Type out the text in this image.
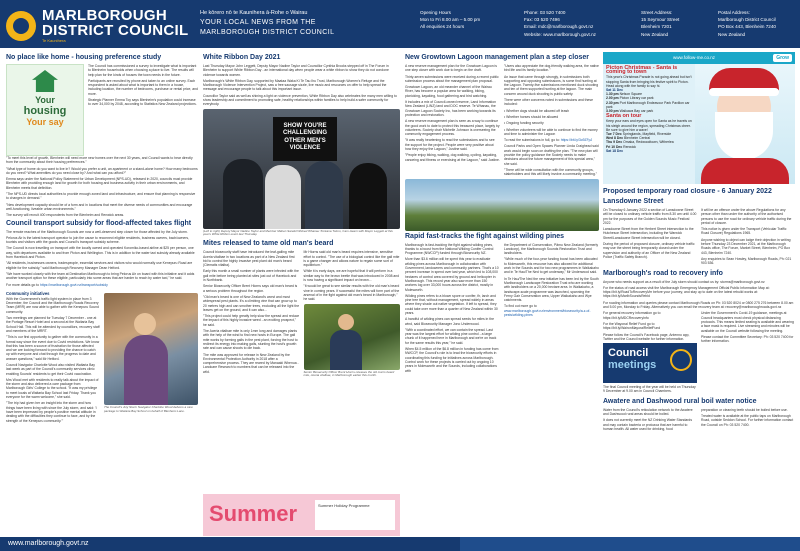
MARLBOROUGH
DISTRICT COUNCIL
Te Kaunihera
He kōrero nō te Kaunihera ā-Rohe o Wairau
YOUR LOCAL NEWS FROM THE
MARLBOROUGH DISTRICT COUNCIL
Opening Hours
Mon to Fri 8.00 am – 5.00 pm
All enquiries 24 hours
Phone: 03 520 7400
Fax: 03 520 7496
Email: mdc@marlborough.govt.nz
Website: www.marlborough.govt.nz
Street Address:
15 Seymour Street
Blenheim 7201
New Zealand
Postal Address:
Marlborough District Council
PO Box 443, Blenheim 7240
New Zealand
No place like home - housing preference study
Your
housing
Your say

The Council has commissioned a survey to investigate what is important to Blenheim households when choosing a place to live. The results will help plan for the kinds of houses the town needs in the future.

Participants are recruited by phone and taken to an online survey. Each respondent is asked about what is important to them in a house, including location, the number of bedrooms, purchase or rental price, and more.

Strategic Planner Emma Toy says Blenheim's population could increase to over 34,000 by 2048, according to Statistics New Zealand projections.

"To meet this level of growth, Blenheim will need more new homes over the next 30 years, and Council wants to hear directly from the community about their housing preferences."

"What type of home do you want to live in? Would you prefer a unit, an apartment or a stand-alone home? How many bedrooms do you need? What amenities do you need close by? And what can you afford?"

Emma says under the National Policy Statement for Urban Development (NPS-UD), released in 2020, councils must provide Blenheim with providing enough land for growth for both housing and business activity in their urban environments, and Blenheim meets that definition.

"The NPS-UD directs local authorities to provide enough zoned land and infrastructure, and ensure that planning is responsive to changes in demand."

"New development capacity should be of a form and in locations that meet the diverse needs of communities and encourage well-functioning, liveable urban environments."

The survey will recruit 400 respondents from the Blenheim and Renwick areas.

Council transport subsidy for flood-affected takes flight

The remote reaches of the Marlborough Sounds are now a well-deserved step closer for those affected by the July storm.

Pelorus Air is the latest transport operator to join the cause to reconnect eligible residents, business owners, bach/owners, tourists and visitors with the goods and Council's transport subsidy scheme.

The Council is now travelling on transport with the locally owned and operated Koromiko-based airline at $25 per person, one way, with departures available to and from Picton and Wellington. This is in addition to the water taxi subsidy already available from Havelock and Picton.

"All residents, businesses owners, tradespeople, essential services and visitors who would normally use Kenepuru Road are eligible for the subsidy," said Marlborough Recovery Manager Dean Heiford.

"We have worked closely with the team at Destination Marlborough to bring Pelorus Air on board with this initiative and it adds another transport option for these eligible, particularly into some areas that are harder to reach by water taxi," he said.

For more details go to https://marlborough.govt.nz/transport/subsidy

Community initiatives

With the Government's traffic light system in place from 3 December, the Council and the Marlborough Roads Recovery Team (MRR) are now able to gather with the Kenepuru Sound community.

Two meetings are planned for Tuesday 7 December - one at the Portage Resort Hotel and a second at the Waitaria Bay School Hall. This will be attended by councillors, recovery staff and members of the MRRT.

"This is our first opportunity to gather with the community in a formal way since the event due to Covid restrictions. We know that this has been a source of frustration for those affected and we are looking forward to providing the chance to catch up with everyone and chat through the progress to date and answer questions," said Mr Heiford.

Council Navigator Charlotte Wood also visited Waitaria Bay last week as part of the Council's community services clinic enabling Sounds' residents to get their Covid vaccination.

Mrs Wood met with residents to really talk about the impact of the storm and also delivered a care package from Marlborough Girls' College to the school. "It was my privilege to meet locals at Waitaria Bay School last Friday. Thank you everyone for the warm welcome," she said.

"The trip had given her an insight into the storm and how things have been living with since the July storm, and said: 'I have been impressed by people's positive mental attitude in dealing with the difficulties they continue to face, and by the strength of the Kenepuru community.'"

The Council's July Storm Navigator Charlotte Wood delivers a care package to Waitaria Bay School on behalf of Blenheim Lane.
White Ribbon Day 2021

Last Thursday Mayor John Leggett, Deputy Mayor Nadine Taylor and Councillor Cynthia Brooks stepped off in The Forum in Blenheim to support White Ribbon Day - an international day when people wear a white ribbon to show they do not condone violence towards women.

Marlborough's White Ribbon Day, supported by Maataa Waka Ki Te Tau Ihu Trust, Marlborough Women's Refuge and the Marlborough Violence Intervention Project, saw a free sausage sizzle, live music and resources on offer to help spread the message and encourage people to talk about this important issue.

Councillor Taylor said as well as shining a light on violence prevention, White Ribbon Day also celebrates the many men willing to show leadership and commitment to promoting safe, healthy relationships within families to help build a safer community for everybody.

SHOW YOU'RE
CHALLENGING
OTHER MEN'S
VIOLENCE
(Left to right) Deputy Mayor Nadine Taylor and Member Mahen Sandel Wicked Whanau Tonkana Tutoro, Cam Hearn with Mayor Leggett at this year's White Ribbon event last Thursday.
Mites released to tame old man's beard

Council biosecurity staff have introduced the leaf-galling mite Aceria vitalbae in two locations as part of a New Zealand first bid to control the highly invasive pest plant old man's beard (Clematis vitalba).

Early this month a small number of plants were infected with the gall mite before being planted at sites just out of Havelock and in Northbank.

Senior Biosecurity Officer Brent Hiorns says old man's beard is a serious problem throughout the region.

"Old man's beard is one of New Zealand's worst and most widespread pest plants. It's a climbing vine that can grow up to 20 metres high and can smother trees, excluding all the light the leaves get on the ground, and it can also...

"This project could help greatly help slow the spread and reduce the impact of this highly invasive weed - an exciting prospect," he said.

The Aceria vitalbae mite is only 1mm long and damages plants with the help of the wind to find new hosts in Europe. The gall mite works by forming galls in the pest plant, forcing the host to redirect its energy into making galls, stunting the host's growth rate and can cause shoots to die back.

The mite was approved for release in New Zealand by the Environmental Protection Authority in 2018 after a comprehensive process. They are reared by Manaaki Whenua - Landcare Research to numbers that can be released into the wild.

Mr Hiorns said old man's beard requires intensive, sensitive effort to control. "The use of a biological control like the gall mite is a game changer and allows nature to regain some sort of equilibrium."

While it is early days, we are hopeful that it will perform in a similar way to the brown beetle that was introduced in 2008 and is now having a significant impact on brown...

"It would be great to see similar results with the old man's beard vine in coming years. If successful the mites will form part of the arsenal of in the fight against old man's beard in Marlborough," he said.

Senior Biosecurity Officer Brent Hiorns releases the old man's beard mite, Aceria vitalbae, in Marlborough earlier this month.
Summer	Summer Holiday Programme
New Growtown Lagoon management plan a step closer

A new reserve management plan for the Growtown Lagoon is one step closer with work due to begin on the draft.

Thirty-seven submissions were received during a recent public submission process about the management plan proposal.

Growtown Lagoon, an old meander channel of the Wairau River, has become a popular area for walking, biking, picnicking, kayaking, food gathering and bird watching.

It includes a mix of Council-owned reserve, Land Information New Zealand (LINZ) land and DOC reserve. Te Whanau, the Growtown Lagoon Society Inc, has been working towards its protection and restoration.

A new reserve management plan is seen as a way to continue the good work to date to protect this treasured place, largely by volunteers. Society chair Michelle Johnson is overseeing the community engagement process.

"It was really heartening to read the submissions and to see the support for the project. People were very positive about how they enjoy the Lagoon," Justine said.

"People enjoy biking, walking, dog walking, cycling, kayaking, canoeing and fitness or exercising at the Lagoon," said Justine.

"Users also appreciate the dog-friendly walking area, the native bird life and its family location."

An issue that came through strongly, in submissions both supporting and opposing submissions, is some find hunting at the Lagoon. Twenty-five submissions mentioned duck shooting and ten of them supported hunting at the lagoon. The main concern around duck shooting is public safety.

There were other concerns noted in submissions and these included:

• Whether dogs should be allowed off leash

• Whether horses should be allowed

• Ongoing funding security

• Whether volunteers will be able to continue to find the money and time to administer the Lagoon

To read the submissions in full, go to: https://bit.ly/3o9ZFpJ

Council Parks and Open Spaces Planner Linda Craighead said work would begin soon on drafting the plan. "The new plan will provide the policy guidance the Society needs to make decisions about the future management of this special area," she said.

"There will be wide consultation with the community groups, stakeholders and this will likely involve a community meeting."

Rapid fast-tracks the fight against wilding pines

Marlborough is fast-tracking the fight against wilding pines, thanks to a boost from the National Wilding Conifer Control Programme (NWCCP) funded through Biosecurity NZ.

More than $3.6 million will be spent this year to eradicate wilding pines across Marlborough in collaboration with Government, landowners and community partners. That's a 10 percent increase in spend over last year, which led to 108,000 hectares of control area covered by ground and helicopter in Marlborough. This record year also saw more than 150 workers log over 33,000 hours across the district, mostly in Molesworth.

Wilding pines refers to a blown spore or conifer, fir, larch and pine tree that, without management, spread widely in areas where they shade out native vegetation. If left to spread, they could take over more than a quarter of New Zealand within 30 years.

A handful of wilding pines can spread seeds for miles in the wind, said Biosecurity Manager Jono Underwood.

"With a coordinated effort, we can contain the spread. Last year was the largest effort for wilding pine control - a large chunk of it happened here in Marlborough and we're on track for the same results this year," he said.

When $4.5 million of the $6.8 million in funding has come from NWCCP, the Council's role is to lead the biosecurity efforts in coordinating this funding for initiatives across Marlborough. Control work for these projects is carried out by ongoing 10 years in Molesworth and the Sounds, including collaborations with

the Department of Conservation, Pāmu New Zealand (formerly Landcorp), the Marlborough Sounds Restoration Trust and landholders.

"While much of the four-year funding boost has been allocated to Molesworth, this resource has also allowed for additional work in the Sounds and for two new programmes in Waikakaho and in Te Hau/The Ned to get underway," Mr Underwood said.

In Te Hau/The Ned the new initiative has been led by the South Marlborough Landscape Restoration Trust who are working with landholders on a 20,000 hectare area. In Waikakaho, a landscape-scale programme was launched, spanning the Ferny Gair Conservation area, Upper Waikakaho and Wye catchments.

To find out more go to www.marlborough.govt.nz/environment/biosecurity/a-z-of-pests/wilding-pines

www.follow-me.co.nz	Grow
Picton Christmas - Santa is coming to town

This year's Christmas Parade is not going ahead but isn't stopping Santa from bringing his festive spirit to Picton. Head along with the family to say hi.

Sat 11 Dec
1.30 pm Nelson Square
2.00 pm Picton Library car park
2.30 pm Port Marlborough Endeavour Park Pavilion car park
3.00 pm Waikawa Bay car park
Santa on tour

Keep your ears and eyes open for Santa as he travels on his sleigh around the region, spreading Christmas cheer. Be sure to give him a wave!

Tue 7 Dec Springlands, Mayfield, Riverside
Wed 8 Dec Blenheim Central
Thu 9 Dec Omaka, Redwoodtown, Witherlea
Fri 10 Dec Renwick
Sat 18 Dec
Proposed temporary road closure - 6 January 2022
Lansdowne Street

On Thursday 6 January 2022 a section of Lansdowne Street will be closed to ordinary vehicle traffic from 8.30 am until 4.00 pm for the purposes of the Golden Sounds Music Festival 2022.

Lansdowne Street from the Herbert Street intersection to the Hutcheson Street intersection, including the Warwick Street/Lansdowne Street intersection will be closed.

During the period of proposed closure, ordinary vehicle traffic may use the street being temporarily closed under the supervision and authority of an Officer of the New Zealand Police (Traffic Safety Branch).

It will be an offence under the above Regulations for any person other than under the authority of the authorised persons to use the road for ordinary vehicle traffic during the period of closure.

This notice is given under the Transport (Vehicular Traffic Road Closure) Regulations 1965.

Anyone wishing to object can lodge their objection in writing before Thursday 23 December 2021, at the Marlborough Roads office, The Forum, Market Street, Blenheim, PO Box 443, Blenheim 7240.

Any enquiries to Sean Howley, Marlborough Roads, Ph: 021 903 536.

Marlborough's road to recovery info

Anyone who needs support as a result of the July storm should contact us by: storms@marlborough.govt.nz

For the status of road access visit the Marlborough Emergency Management Official Public Information Map at: https://bit.ly/RoadToRecoveryMrr before your journey, and stay up to date on the latest rebuild works at: https://bit.ly/MarlbSoundsRebld

For roading information and queries please contact Marlborough Roads on Ph: 03 520 8024 or 0800 275 276 between 8.00 am and 5.00 pm, Monday to Friday. Alternatively you can email the recovery team at: recovery@marlboroughroads.govt.nz

For general recovery information go to https://bit.ly/MDCRecoveryInfo

For the Wayonal Relief Fund go to https://bit.ly/WaironMayoralReliefFund

Please follow the Council's Facebook page, Antenno app, Twitter and the Council website for further information.

Council
meetings

The final Council meeting of the year will be held on Thursday 9 December at 9.00 am in Council Chambers.

Under the Government's Covid-19 guidance, meetings at Council headquarters must check physical distancing protocols. This means limited seating is available and wearing a face mask is required. Live streaming and minutes will be available on the Council website following the meeting.

Please contact the Committee Secretary: Ph: 03 520 7400 for further information.

Awatere and Dashwood rural boil water notice

Water from the Council's reticulation network to the Awatere and Dashwood rural areas should be boiled.

It does not currently meet the NZ Drinking Water Standards and may contain bacteria or protozoa that are harmful to human health. All water used for drinking, food

preparation or cleaning teeth should be boiled before use.

Treated water is available at the public taps on Marlborough Road, outside Seddon School. For further information contact the Council on Ph: 03 520 7400.

www.marlborough.govt.nz
